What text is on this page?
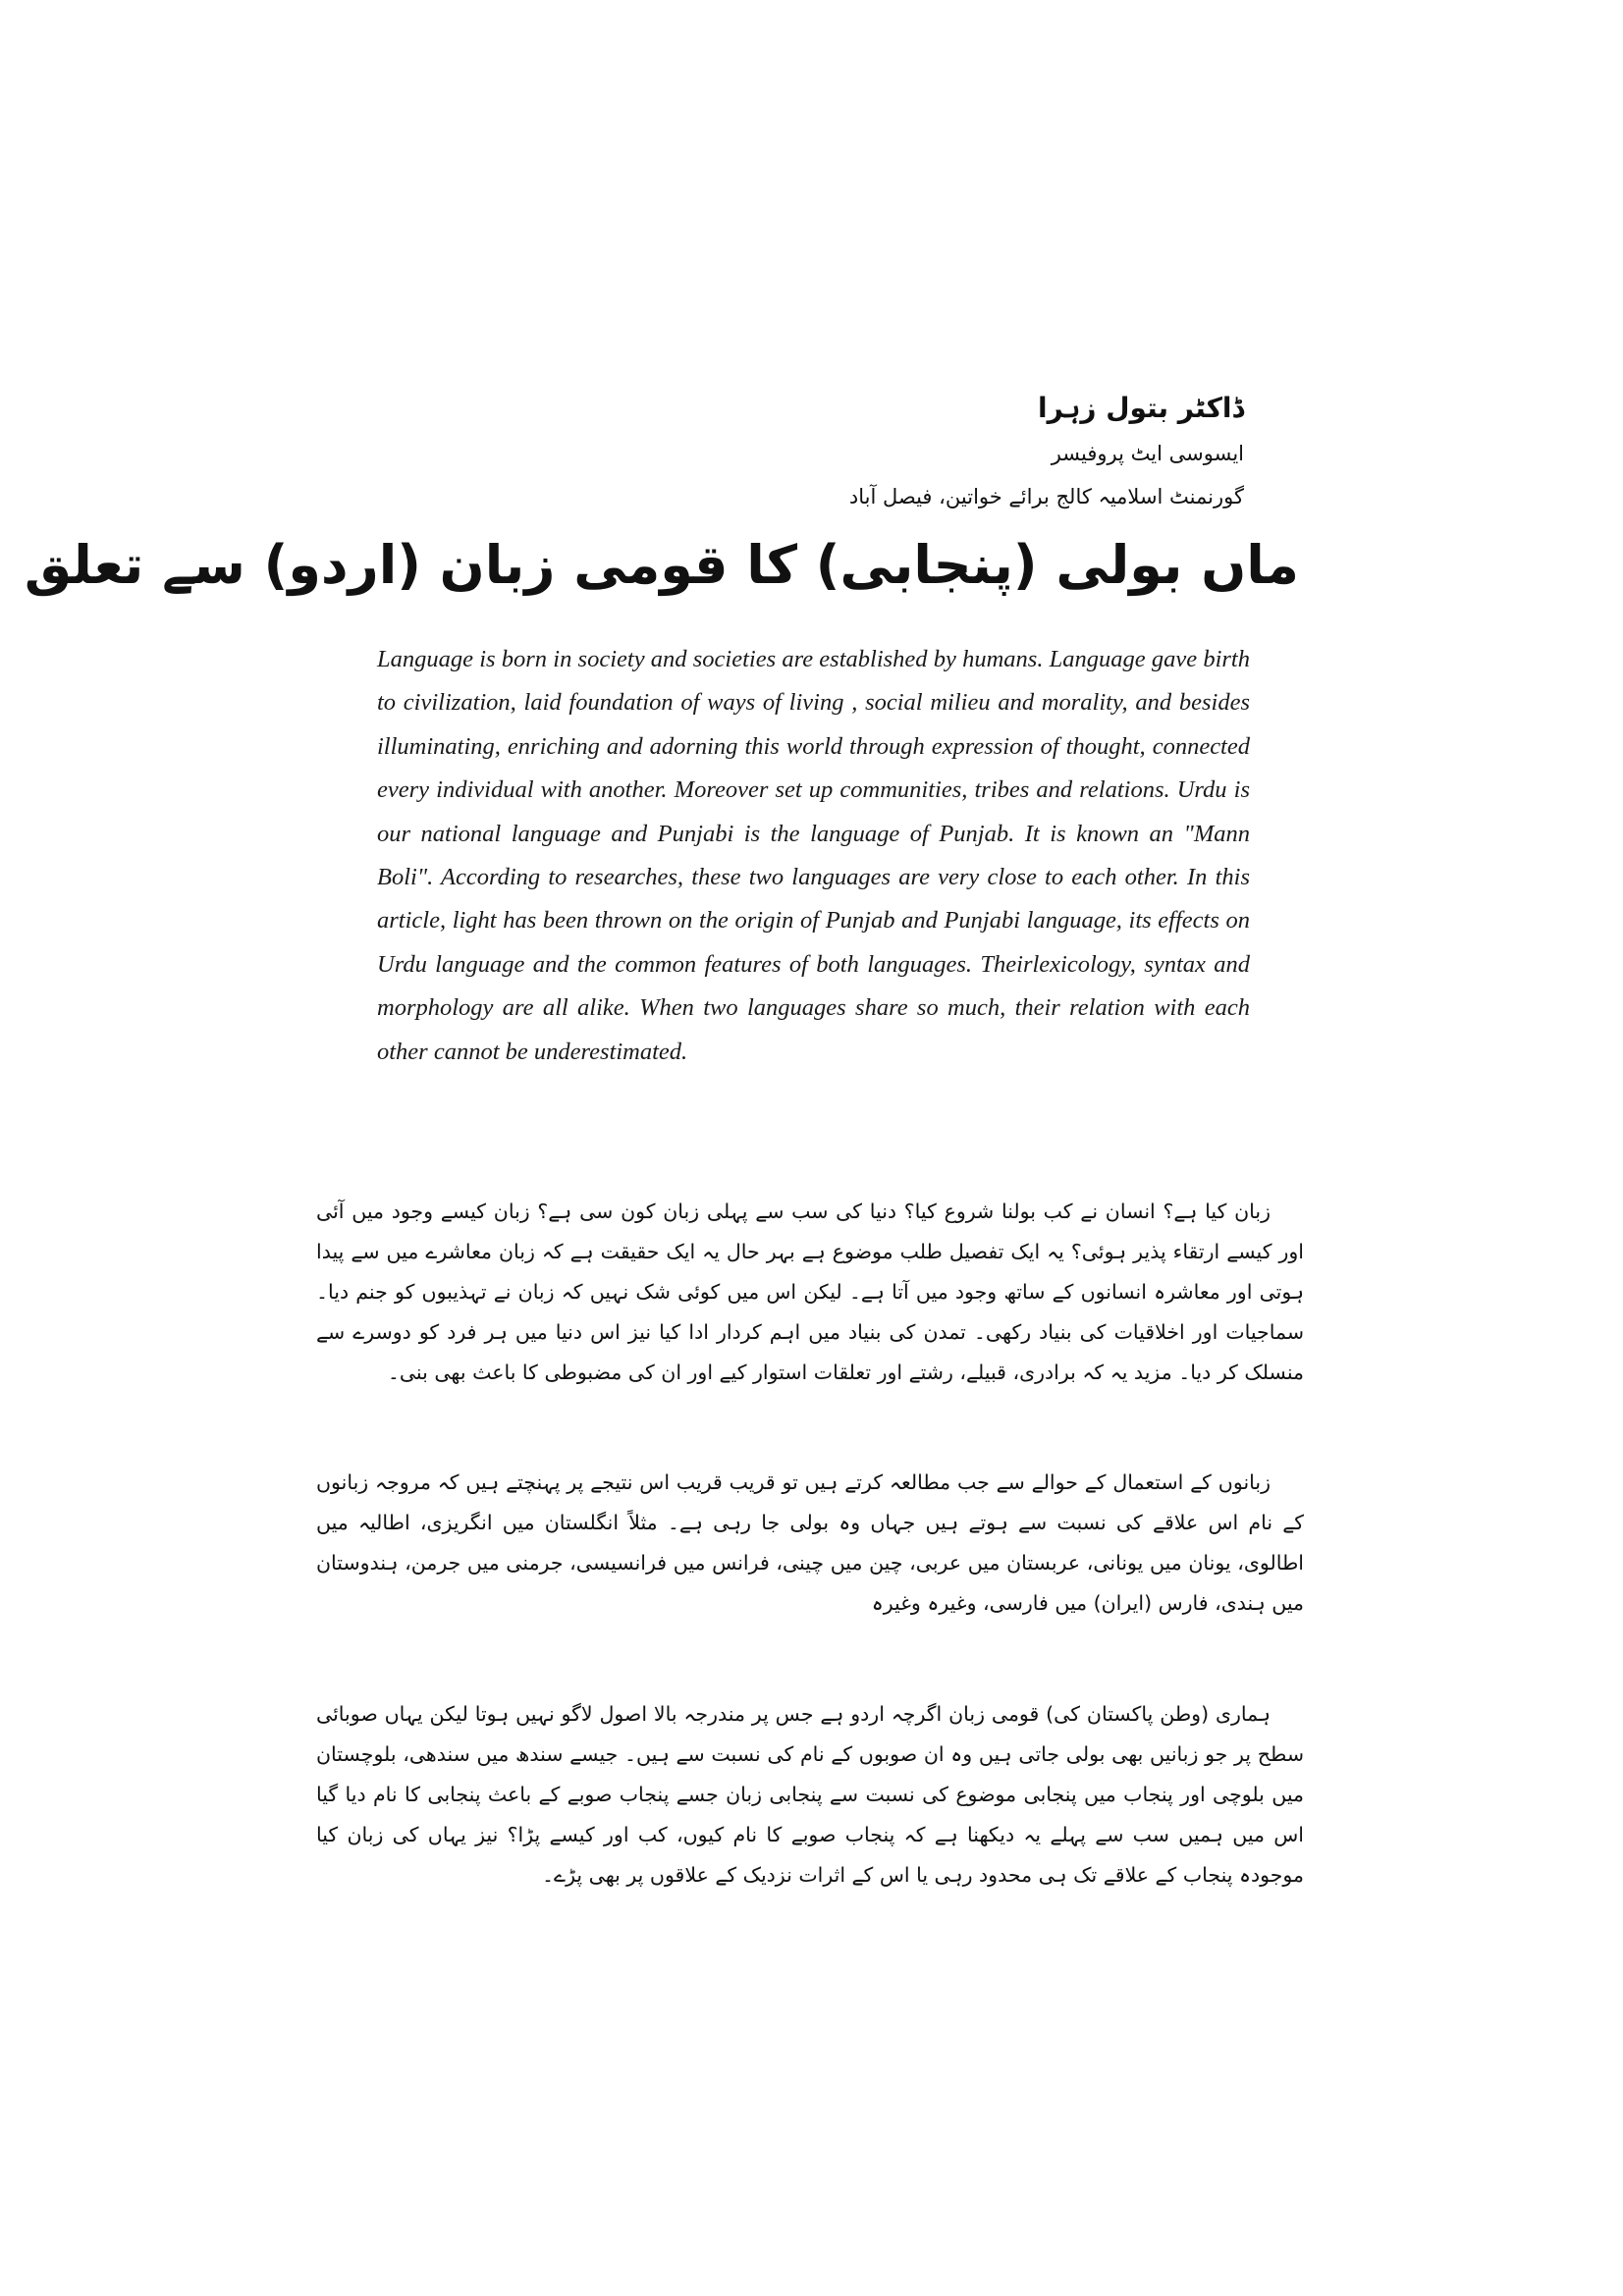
ڈاکٹر بتول زہرا
ایسوسی ایٹ پروفیسر
گورنمنٹ اسلامیہ کالج برائے خواتین، فیصل آباد
ماں بولی (پنجابی) کا قومی زبان (اردو) سے تعلق
Language is born in society and societies are established by humans. Language gave birth to civilization, laid foundation of ways of living , social milieu and morality, and besides illuminating, enriching and adorning this world through expression of thought, connected every individual with another. Moreover set up communities, tribes and relations. Urdu is our national language and Punjabi is the language of Punjab. It is known an "Mann Boli". According to researches, these two languages are very close to each other. In this article, light has been thrown on the origin of Punjab and Punjabi language, its effects on Urdu language and the common features of both languages. Theirlexicology, syntax and morphology are all alike. When two languages share so much, their relation with each other cannot be underestimated.

زبان کیا ہے؟ انسان نے کب بولنا شروع کیا؟ دنیا کی سب سے پہلی زبان کون سی ہے؟ زبان کیسے وجود میں آئی اور کیسے ارتقاء پذیر ہوئی؟ یہ ایک تفصیل طلب موضوع ہے بہر حال یہ ایک حقیقت ہے کہ زبان معاشرے میں سے پیدا ہوتی اور معاشرہ انسانوں کے ساتھ وجود میں آتا ہے۔ لیکن اس میں کوئی شک نہیں کہ زبان نے تہذیبوں کو جنم دیا۔ سماجیات اور اخلاقیات کی بنیاد رکھی۔ تمدن کی بنیاد میں اہم کردار ادا کیا نیز اس دنیا میں ہر فرد کو دوسرے سے منسلک کر دیا۔ مزید یہ کہ برادری، قبیلے، رشتے اور تعلقات استوار کیے اور ان کی مضبوطی کا باعث بھی بنی۔

زبانوں کے استعمال کے حوالے سے جب مطالعہ کرتے ہیں تو قریب قریب اس نتیجے پر پہنچتے ہیں کہ مروجہ زبانوں کے نام اس علاقے کی نسبت سے ہوتے ہیں جہاں وہ بولی جا رہی ہے۔ مثلاً انگلستان میں انگریزی، اطالیہ میں اطالوی، یونان میں یونانی، عربستان میں عربی، چین میں چینی، فرانس میں فرانسیسی، جرمنی میں جرمن، ہندوستان میں ہندی، فارس (ایران) میں فارسی، وغیرہ وغیرہ

ہماری (وطن پاکستان کی) قومی زبان اگرچہ اردو ہے جس پر مندرجہ بالا اصول لاگو نہیں ہوتا لیکن یہاں صوبائی سطح پر جو زبانیں بھی بولی جاتی ہیں وہ ان صوبوں کے نام کی نسبت سے ہیں۔ جیسے سندھ میں سندھی، بلوچستان میں بلوچی اور پنجاب میں پنجابی موضوع کی نسبت سے پنجابی زبان جسے پنجاب صوبے کے باعث پنجابی کا نام دیا گیا اس میں ہمیں سب سے پہلے یہ دیکھنا ہے کہ پنجاب صوبے کا نام کیوں، کب اور کیسے پڑا؟ نیز یہاں کی زبان کیا موجودہ پنجاب کے علاقے تک ہی محدود رہی یا اس کے اثرات نزدیک کے علاقوں پر بھی پڑے۔
